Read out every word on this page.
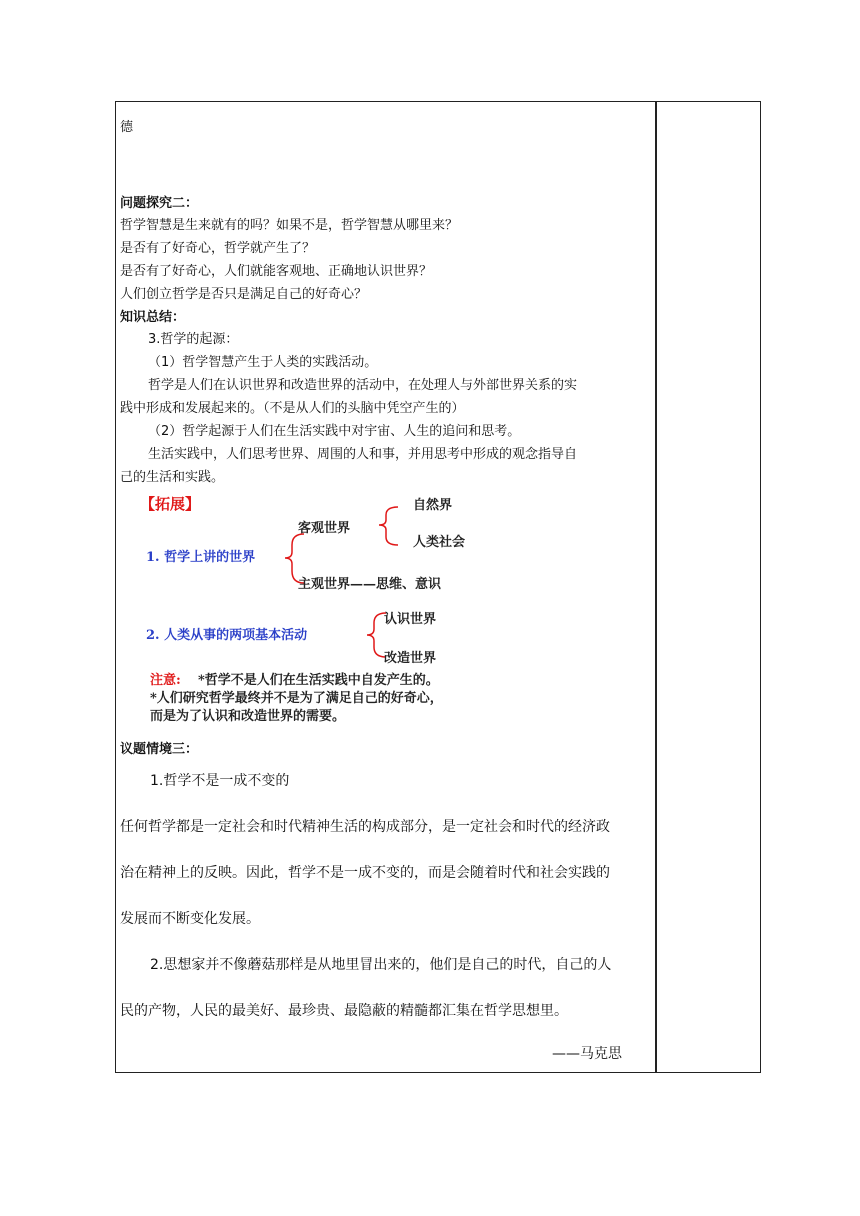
德
问题探究二：
哲学智慧是生来就有的吗？如果不是，哲学智慧从哪里来？
是否有了好奇心，哲学就产生了？
是否有了好奇心，人们就能客观地、正确地认识世界？
人们创立哲学是否只是满足自己的好奇心？
知识总结：
3.哲学的起源：
（1）哲学智慧产生于人类的实践活动。
哲学是人们在认识世界和改造世界的活动中，在处理人与外部世界关系的实
践中形成和发展起来的。（不是从人们的头脑中凭空产生的）
（2）哲学起源于人们在生活实践中对宇宙、人生的追问和思考。
生活实践中，人们思考世界、周围的人和事，并用思考中形成的观念指导自
己的生活和实践。
【拓展】
1. 哲学上讲的世界
客观世界
自然界
人类社会
主观世界——思维、意识
2. 人类从事的两项基本活动
认识世界
改造世界
注意: *哲学不是人们在生活实践中自发产生的。
*人们研究哲学最终并不是为了满足自己的好奇心，
而是为了认识和改造世界的需要。
议题情境三：
1.哲学不是一成不变的
任何哲学都是一定社会和时代精神生活的构成部分，是一定社会和时代的经济政
治在精神上的反映。因此，哲学不是一成不变的，而是会随着时代和社会实践的
发展而不断变化发展。
2.思想家并不像蘑菇那样是从地里冒出来的，他们是自己的时代，自己的人
民的产物，人民的最美好、最珍贵、最隐蔽的精髓都汇集在哲学思想里。
——马克思
